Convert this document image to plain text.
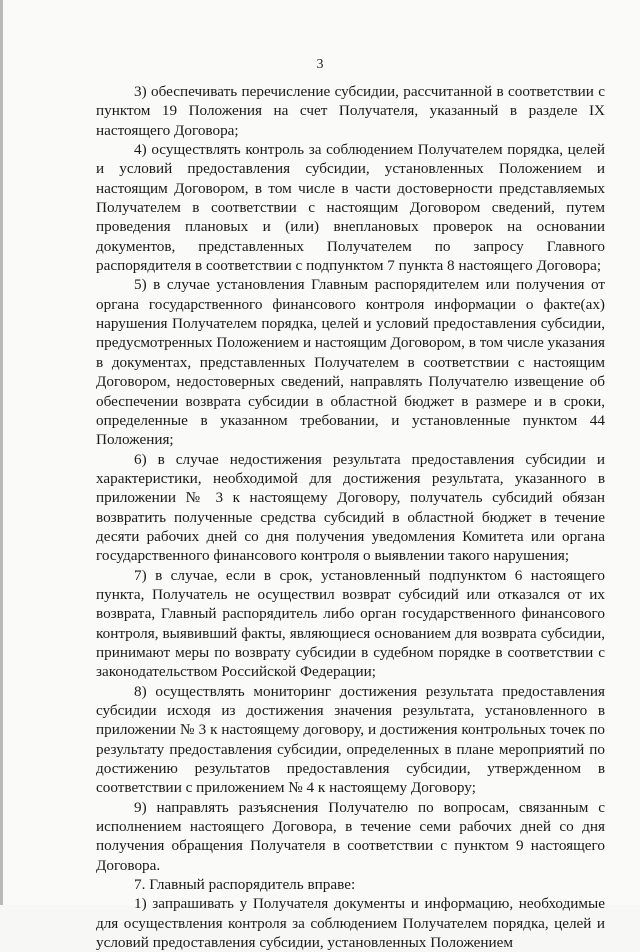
3

3) обеспечивать перечисление субсидии, рассчитанной в соответствии с пунктом 19 Положения на счет Получателя, указанный в разделе IX настоящего Договора;

4) осуществлять контроль за соблюдением Получателем порядка, целей и условий предоставления субсидии, установленных Положением и настоящим Договором, в том числе в части достоверности представляемых Получателем в соответствии с настоящим Договором сведений, путем проведения плановых и (или) внеплановых проверок на основании документов, представленных Получателем по запросу Главного распорядителя в соответствии с подпунктом 7 пункта 8 настоящего Договора;

5) в случае установления Главным распорядителем или получения от органа государственного финансового контроля информации о факте(ах) нарушения Получателем порядка, целей и условий предоставления субсидии, предусмотренных Положением и настоящим Договором, в том числе указания в документах, представленных Получателем в соответствии с настоящим Договором, недостоверных сведений, направлять Получателю извещение об обеспечении возврата субсидии в областной бюджет в размере и в сроки, определенные в указанном требовании, и установленные пунктом 44 Положения;

6) в случае недостижения результата предоставления субсидии и характеристики, необходимой для достижения результата, указанного в приложении № 3 к настоящему Договору, получатель субсидий обязан возвратить полученные средства субсидий в областной бюджет в течение десяти рабочих дней со дня получения уведомления Комитета или органа государственного финансового контроля о выявлении такого нарушения;

7) в случае, если в срок, установленный подпунктом 6 настоящего пункта, Получатель не осуществил возврат субсидий или отказался от их возврата, Главный распорядитель либо орган государственного финансового контроля, выявивший факты, являющиеся основанием для возврата субсидии, принимают меры по возврату субсидии в судебном порядке в соответствии с законодательством Российской Федерации;

8) осуществлять мониторинг достижения результата предоставления субсидии исходя из достижения значения результата, установленного в приложении № 3 к настоящему договору, и достижения контрольных точек по результату предоставления субсидии, определенных в плане мероприятий по достижению результатов предоставления субсидии, утвержденном в соответствии с приложением № 4 к настоящему Договору;

9) направлять разъяснения Получателю по вопросам, связанным с исполнением настоящего Договора, в течение семи рабочих дней со дня получения обращения Получателя в соответствии с пунктом 9 настоящего Договора.

7. Главный распорядитель вправе:

1) запрашивать у Получателя документы и информацию, необходимые для осуществления контроля за соблюдением Получателем порядка, целей и условий предоставления субсидии, установленных Положением
